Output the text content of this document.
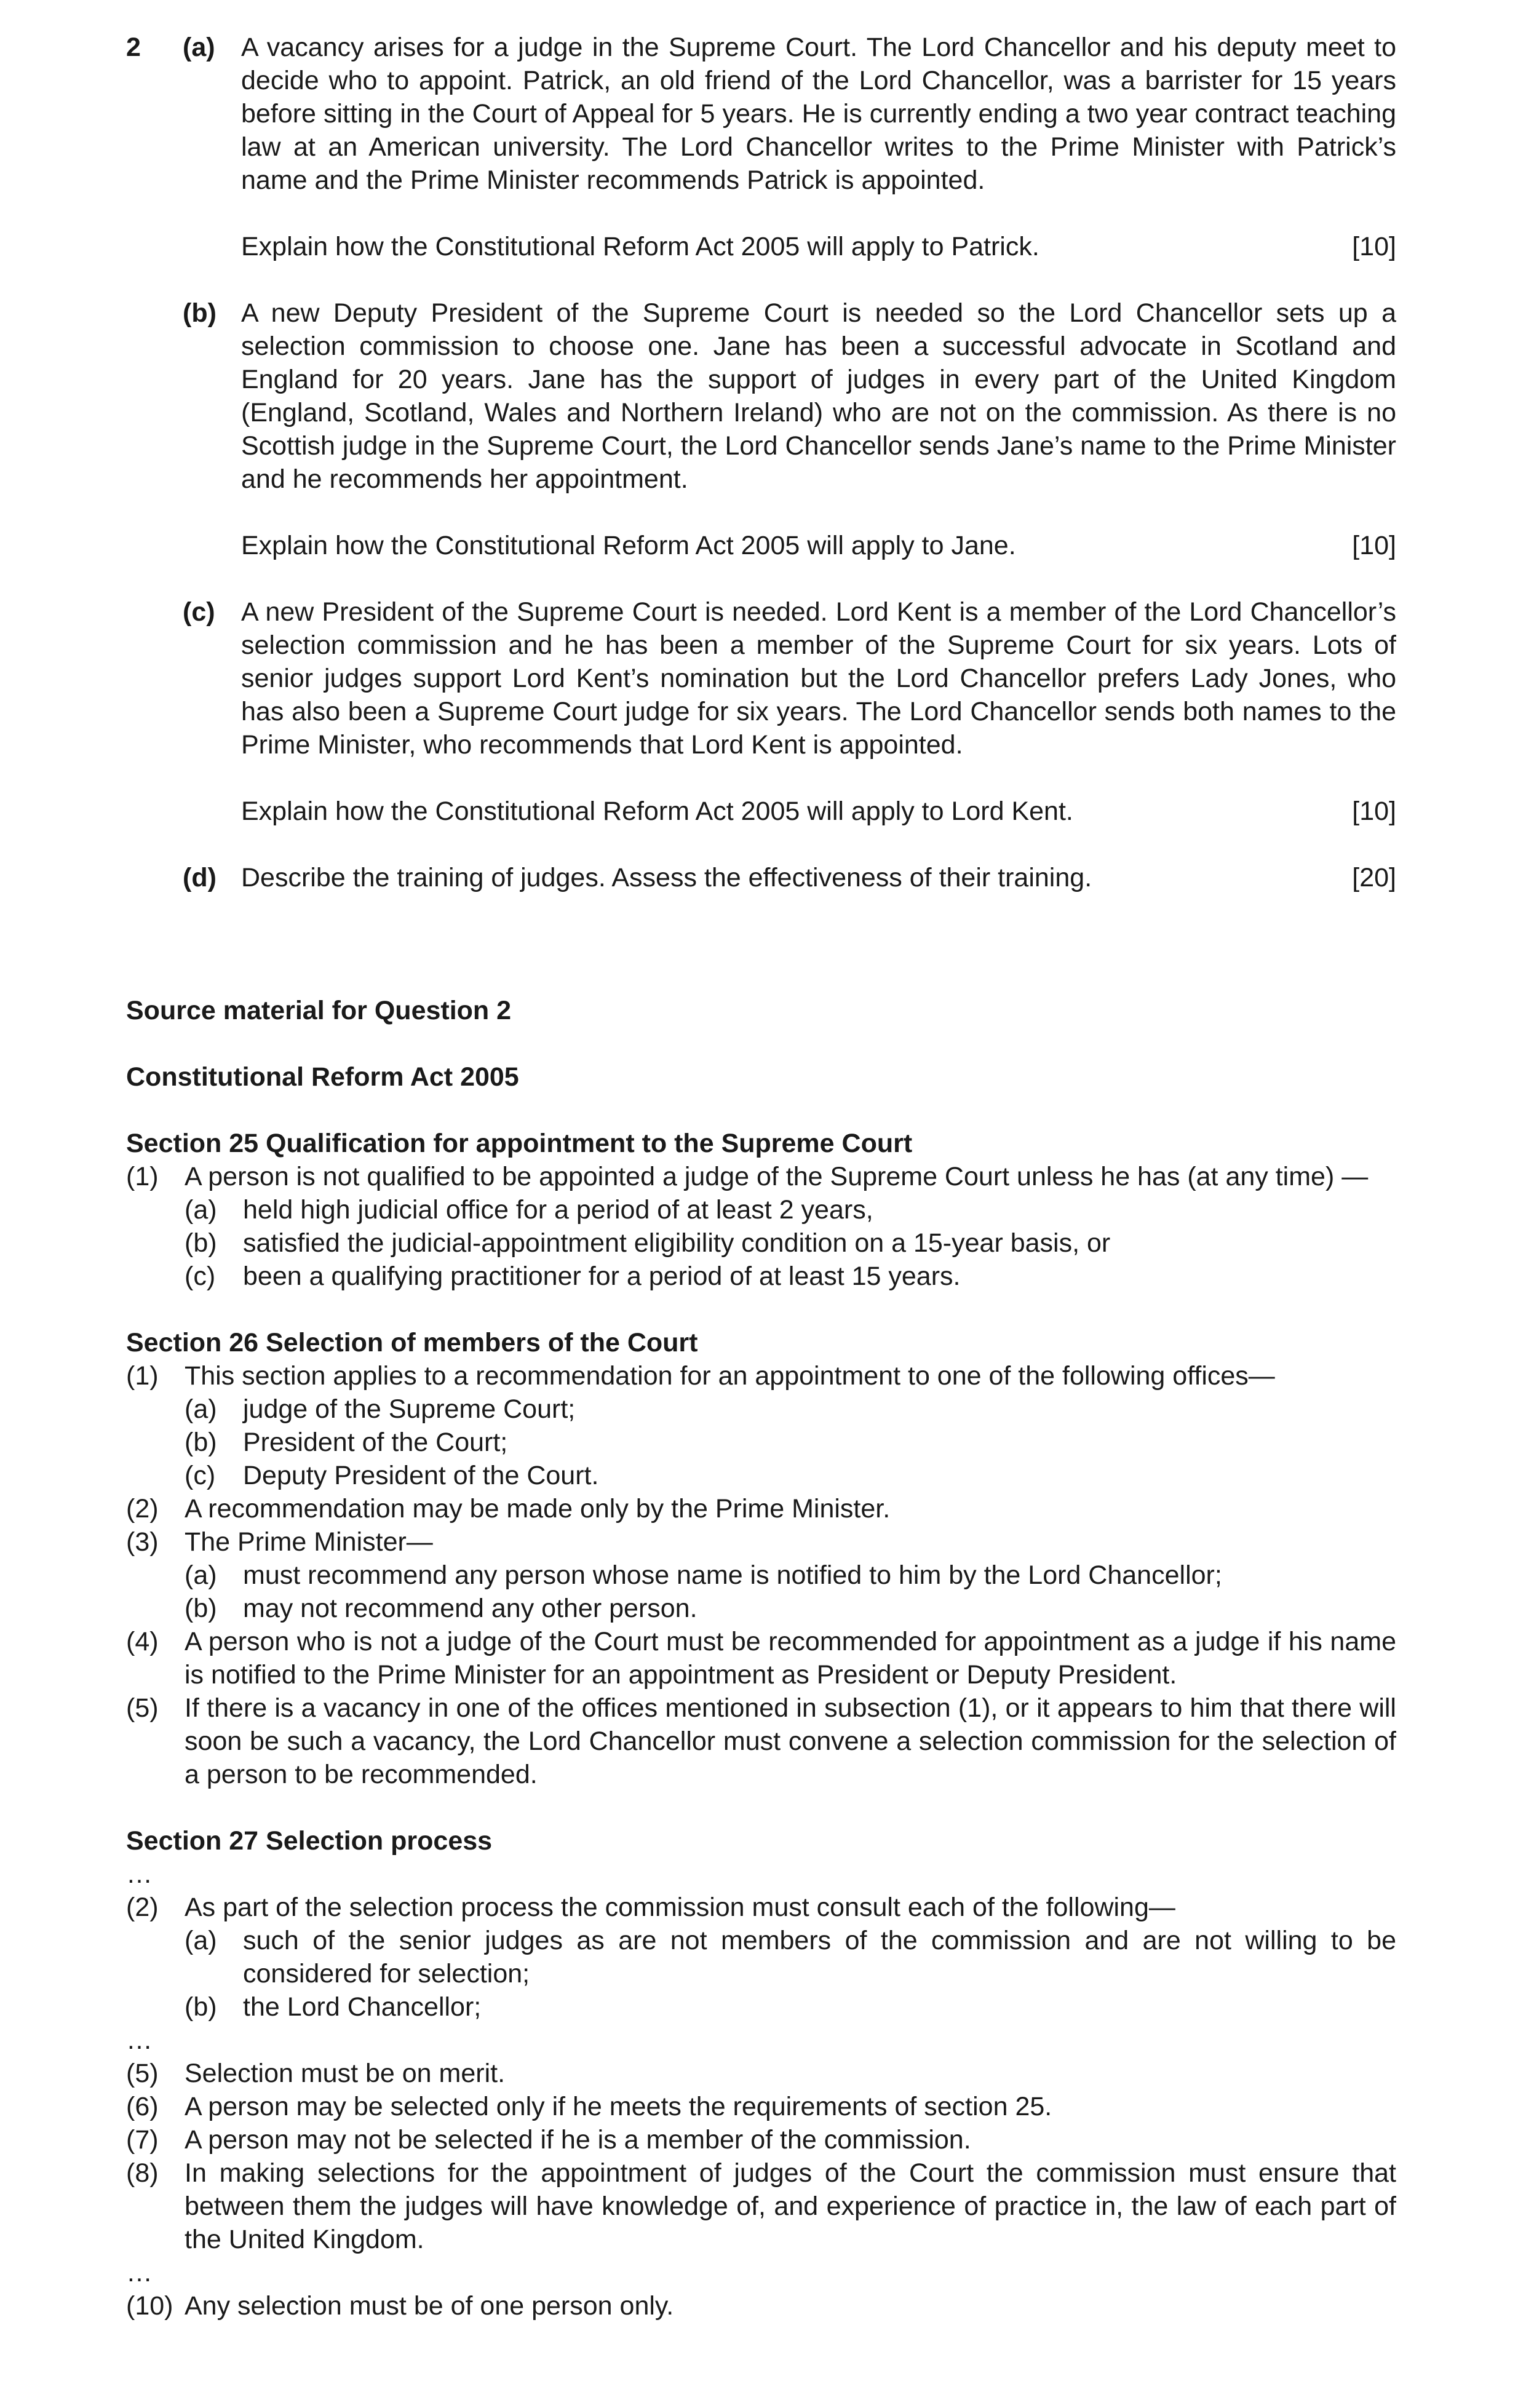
2	(a) A vacancy arises for a judge in the Supreme Court. The Lord Chancellor and his deputy meet to decide who to appoint. Patrick, an old friend of the Lord Chancellor, was a barrister for 15 years before sitting in the Court of Appeal for 5 years. He is currently ending a two year contract teaching law at an American university. The Lord Chancellor writes to the Prime Minister with Patrick’s name and the Prime Minister recommends Patrick is appointed.

Explain how the Constitutional Reform Act 2005 will apply to Patrick.	[10]
(b) A new Deputy President of the Supreme Court is needed so the Lord Chancellor sets up a selection commission to choose one. Jane has been a successful advocate in Scotland and England for 20 years. Jane has the support of judges in every part of the United Kingdom (England, Scotland, Wales and Northern Ireland) who are not on the commission. As there is no Scottish judge in the Supreme Court, the Lord Chancellor sends Jane’s name to the Prime Minister and he recommends her appointment.

Explain how the Constitutional Reform Act 2005 will apply to Jane.	[10]
(c) A new President of the Supreme Court is needed. Lord Kent is a member of the Lord Chancellor’s selection commission and he has been a member of the Supreme Court for six years. Lots of senior judges support Lord Kent’s nomination but the Lord Chancellor prefers Lady Jones, who has also been a Supreme Court judge for six years. The Lord Chancellor sends both names to the Prime Minister, who recommends that Lord Kent is appointed.

Explain how the Constitutional Reform Act 2005 will apply to Lord Kent.	[10]
(d) Describe the training of judges. Assess the effectiveness of their training.	[20]
Source material for Question 2
Constitutional Reform Act 2005
Section 25 Qualification for appointment to the Supreme Court
(1) A person is not qualified to be appointed a judge of the Supreme Court unless he has (at any time) —
(a) held high judicial office for a period of at least 2 years,
(b) satisfied the judicial-appointment eligibility condition on a 15-year basis, or
(c)	been a qualifying practitioner for a period of at least 15 years.
Section 26 Selection of members of the Court
(1) This section applies to a recommendation for an appointment to one of the following offices—
(a) judge of the Supreme Court;
(b) President of the Court;
(c)	Deputy President of the Court.
(2) A recommendation may be made only by the Prime Minister.
(3) The Prime Minister—
(a) must recommend any person whose name is notified to him by the Lord Chancellor;
(b) may not recommend any other person.
(4) A person who is not a judge of the Court must be recommended for appointment as a judge if his name is notified to the Prime Minister for an appointment as President or Deputy President.
(5) If there is a vacancy in one of the offices mentioned in subsection (1), or it appears to him that there will soon be such a vacancy, the Lord Chancellor must convene a selection commission for the selection of a person to be recommended.
Section 27 Selection process
…
(2) As part of the selection process the commission must consult each of the following—
(a) such of the senior judges as are not members of the commission and are not willing to be considered for selection;
(b) the Lord Chancellor;
…
(5) Selection must be on merit.
(6) A person may be selected only if he meets the requirements of section 25.
(7) A person may not be selected if he is a member of the commission.
(8) In making selections for the appointment of judges of the Court the commission must ensure that between them the judges will have knowledge of, and experience of practice in, the law of each part of the United Kingdom.
…
(10) Any selection must be of one person only.
